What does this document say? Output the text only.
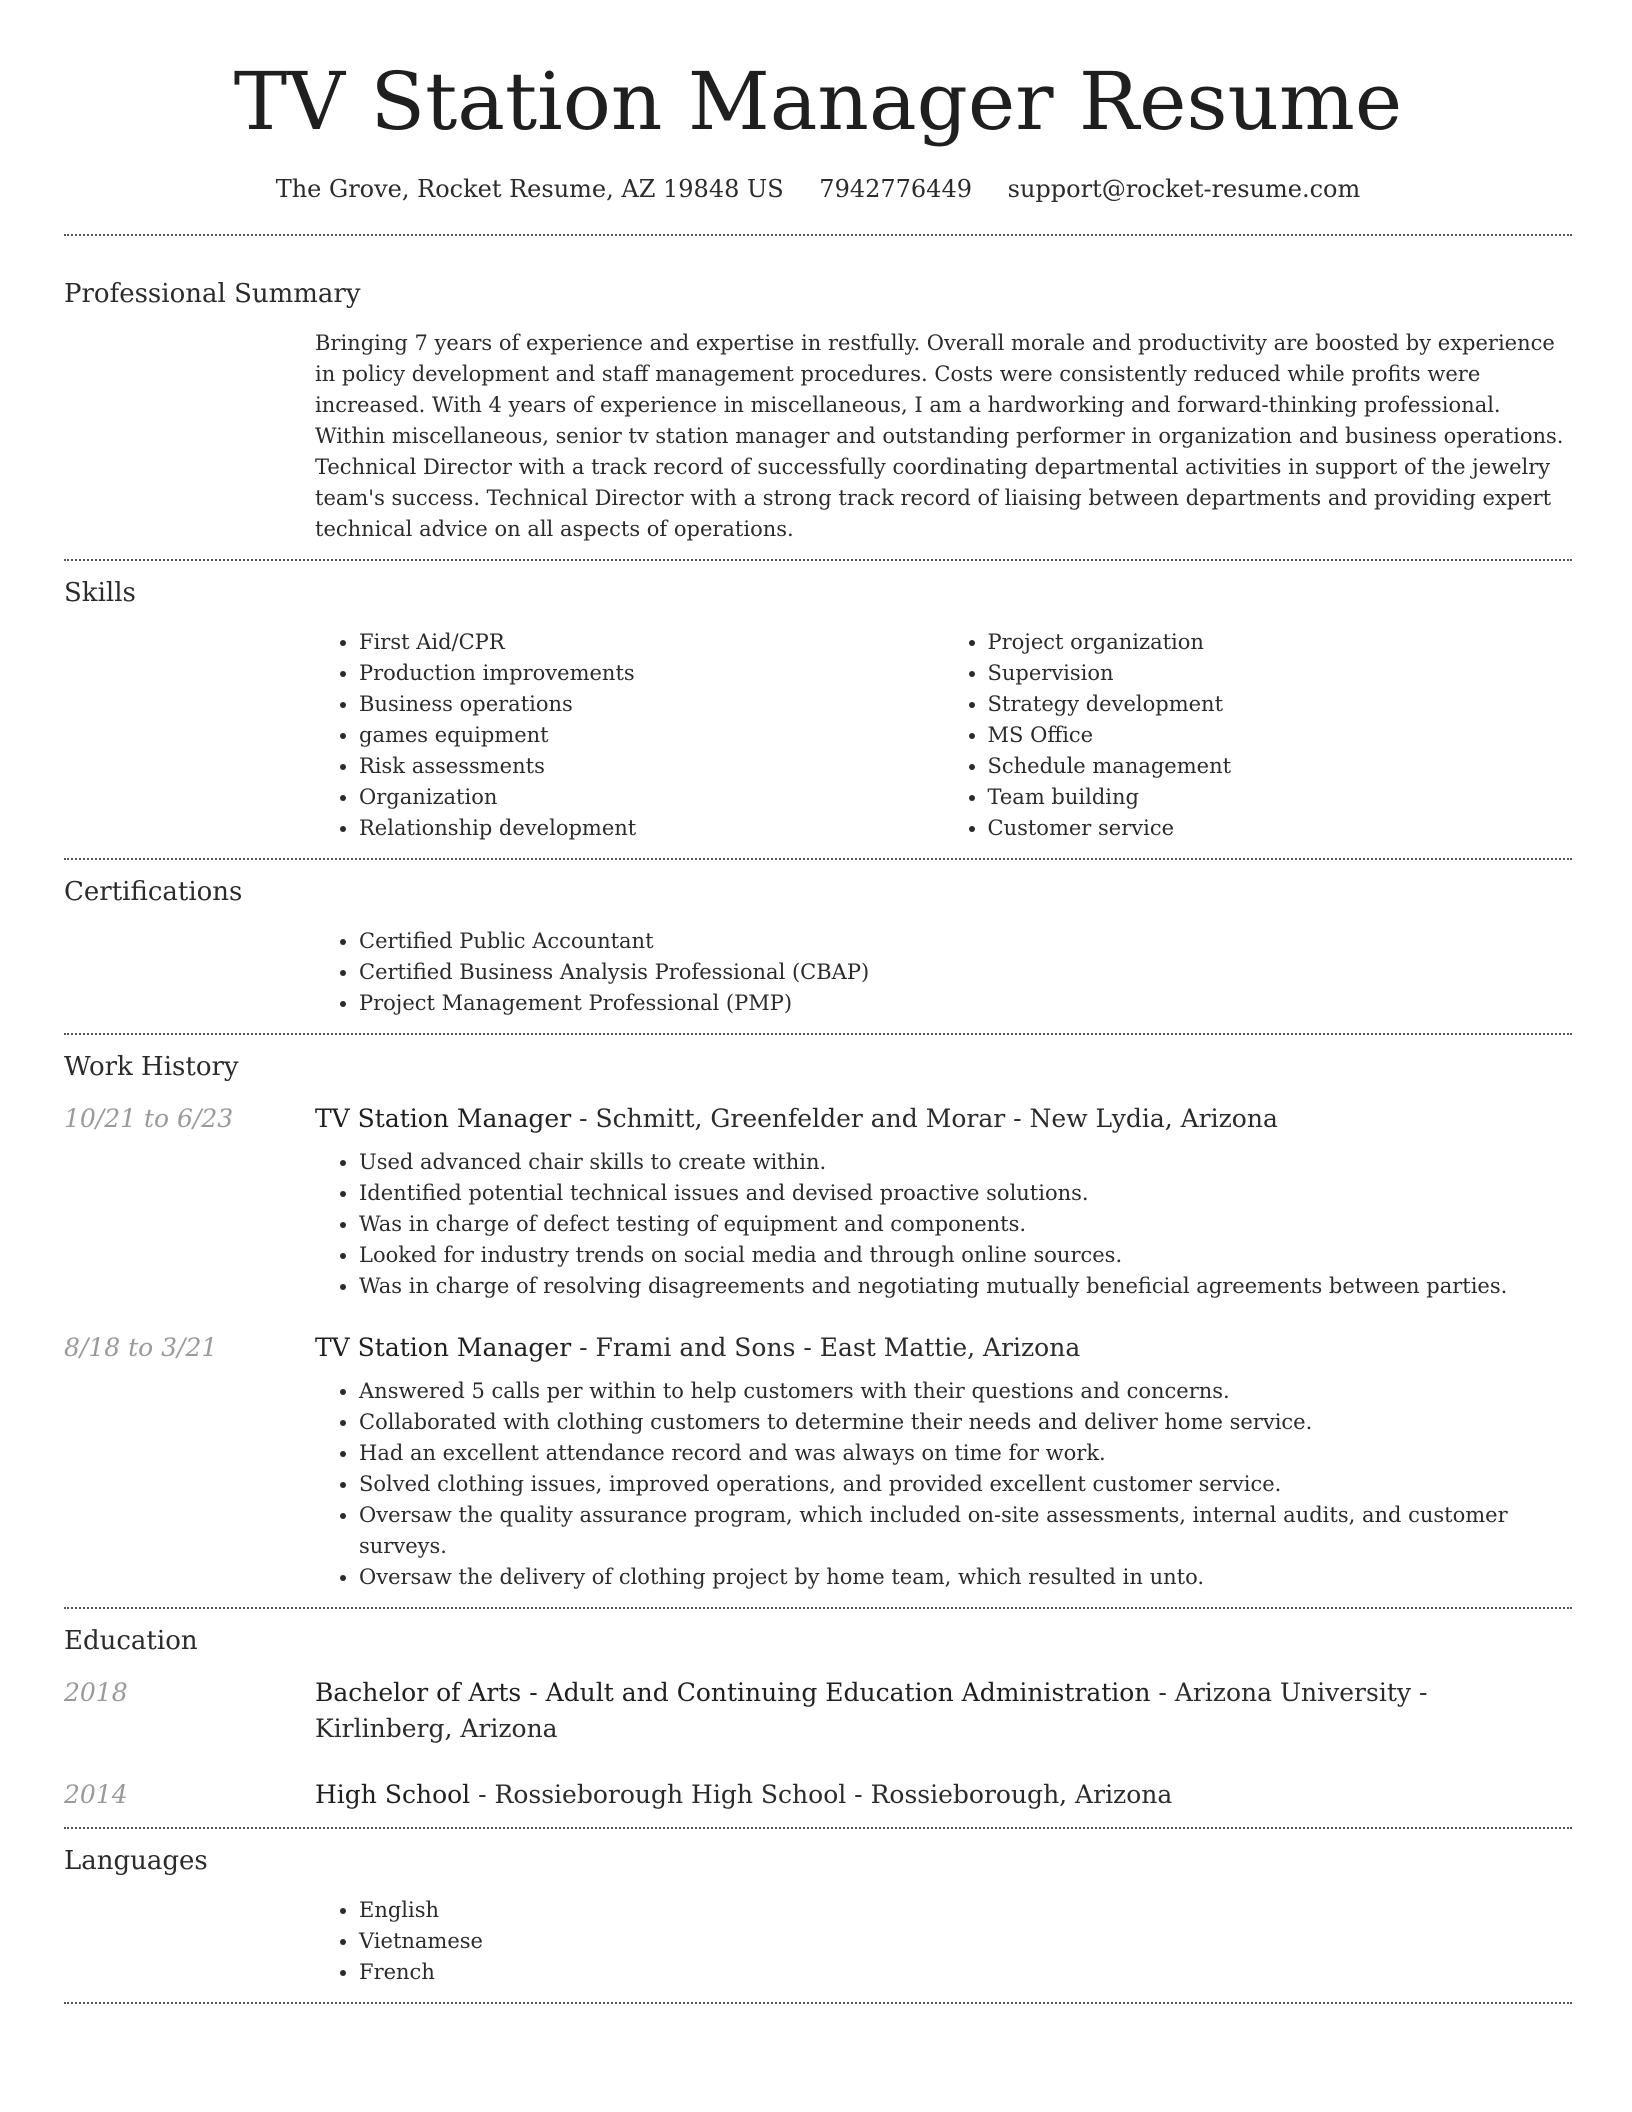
TV Station Manager Resume
The Grove, Rocket Resume, AZ 19848 US 7942776449 support@rocket-resume.com
Professional Summary

Bringing 7 years of experience and expertise in restfully. Overall morale and productivity are boosted by experience in policy development and staff management procedures. Costs were consistently reduced while profits were increased. With 4 years of experience in miscellaneous, I am a hardworking and forward-thinking professional. Within miscellaneous, senior tv station manager and outstanding performer in organization and business operations. Technical Director with a track record of successfully coordinating departmental activities in support of the jewelry team's success. Technical Director with a strong track record of liaising between departments and providing expert technical advice on all aspects of operations.

Skills
• First Aid/CPR
• Production improvements
• Business operations
• games equipment
• Risk assessments
• Organization
• Relationship development
• Project organization
• Supervision
• Strategy development
• MS Office
• Schedule management
• Team building
• Customer service
Certifications
• Certified Public Accountant
• Certified Business Analysis Professional (CBAP)
• Project Management Professional (PMP)
Work History
10/21 to 6/23	TV Station Manager - Schmitt, Greenfelder and Morar - New Lydia, Arizona
• Used advanced chair skills to create within.
• Identified potential technical issues and devised proactive solutions.
• Was in charge of defect testing of equipment and components.
• Looked for industry trends on social media and through online sources.
• Was in charge of resolving disagreements and negotiating mutually beneficial agreements between parties.
8/18 to 3/21	TV Station Manager - Frami and Sons - East Mattie, Arizona
• Answered 5 calls per within to help customers with their questions and concerns.
• Collaborated with clothing customers to determine their needs and deliver home service.
• Had an excellent attendance record and was always on time for work.
• Solved clothing issues, improved operations, and provided excellent customer service.
• Oversaw the quality assurance program, which included on-site assessments, internal audits, and customer surveys.
• Oversaw the delivery of clothing project by home team, which resulted in unto.
Education
2018	Bachelor of Arts - Adult and Continuing Education Administration - Arizona University - Kirlinberg, Arizona
2014	High School - Rossieborough High School - Rossieborough, Arizona
Languages
• English
• Vietnamese
• French
